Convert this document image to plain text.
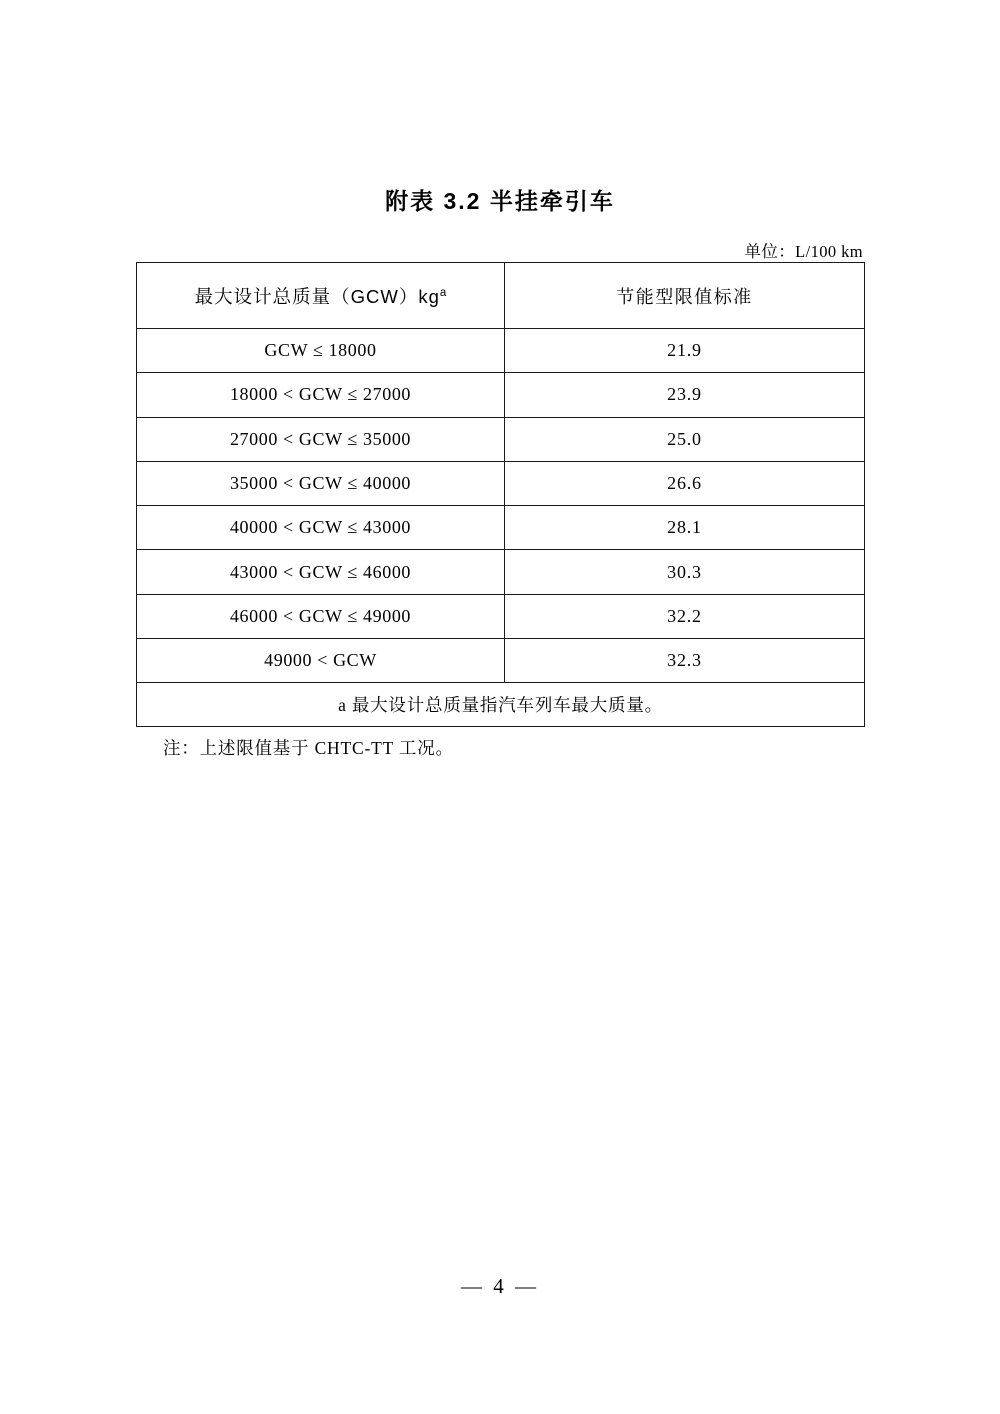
附表 3.2 半挂牵引车
单位：L/100 km
最大设计总质量$(GCW)kg^a$	节能型限值标准
GCW ≤ 18000	21.9
18000 < GCW ≤ 27000	23.9
27000 < GCW ≤ 35000	25.0
35000 < GCW ≤ 40000	26.6
40000 < GCW ≤ 43000	28.1
43000 < GCW ≤ 46000	30.3
46000 < GCW ≤ 49000	32.2
49000 < GCW	32.3
a 最大设计总质量指汽车列车最大质量。	
注：上述限值基于 CHTC-TT 工况。
— 4 —
